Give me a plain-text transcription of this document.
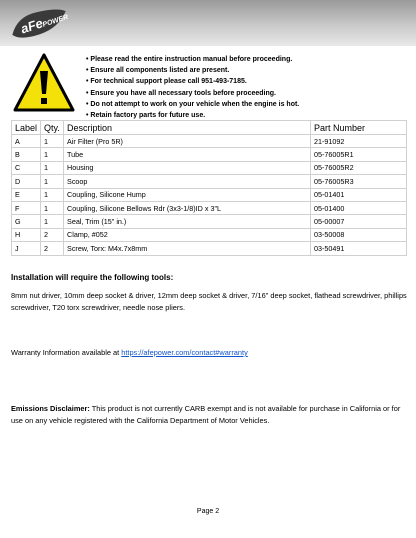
aFe
POWER
• Please read the entire instruction manual before proceeding.
• Ensure all components listed are present.
• For technical support please call 951-493-7185.
• Ensure you have all necessary tools before proceeding.
• Do not attempt to work on your vehicle when the engine is hot.
• Retain factory parts for future use.
Label	Qty.	Description	Part Number
A	1	Air Filter (Pro 5R)	21-91092
B	1	Tube	05-76005R1
C	1	Housing	05-76005R2
D	1	Scoop	05-76005R3
E	1	Coupling, Silicone Hump	05-01401
F	1	Coupling, Silicone Bellows Rdr (3x3-1/8)ID x 3"L	05-01400
G	1	Seal, Trim (15" in.)	05-00007
H	2	Clamp, #052	03-50008
J	2	Screw, Torx: M4x.7x8mm	03-50491

Installation will require the following tools:

8mm nut driver, 10mm deep socket & driver, 12mm deep socket & driver, 7/16" deep socket, flathead screwdriver, phillips screwdriver, T20 torx screwdriver, needle nose pliers.

Warranty Information available at https://afepower.com/contact#warranty

Emissions Disclaimer: This product is not currently CARB exempt and is not available for purchase in California or for use on any vehicle registered with the California Department of Motor Vehicles.

Page 2
